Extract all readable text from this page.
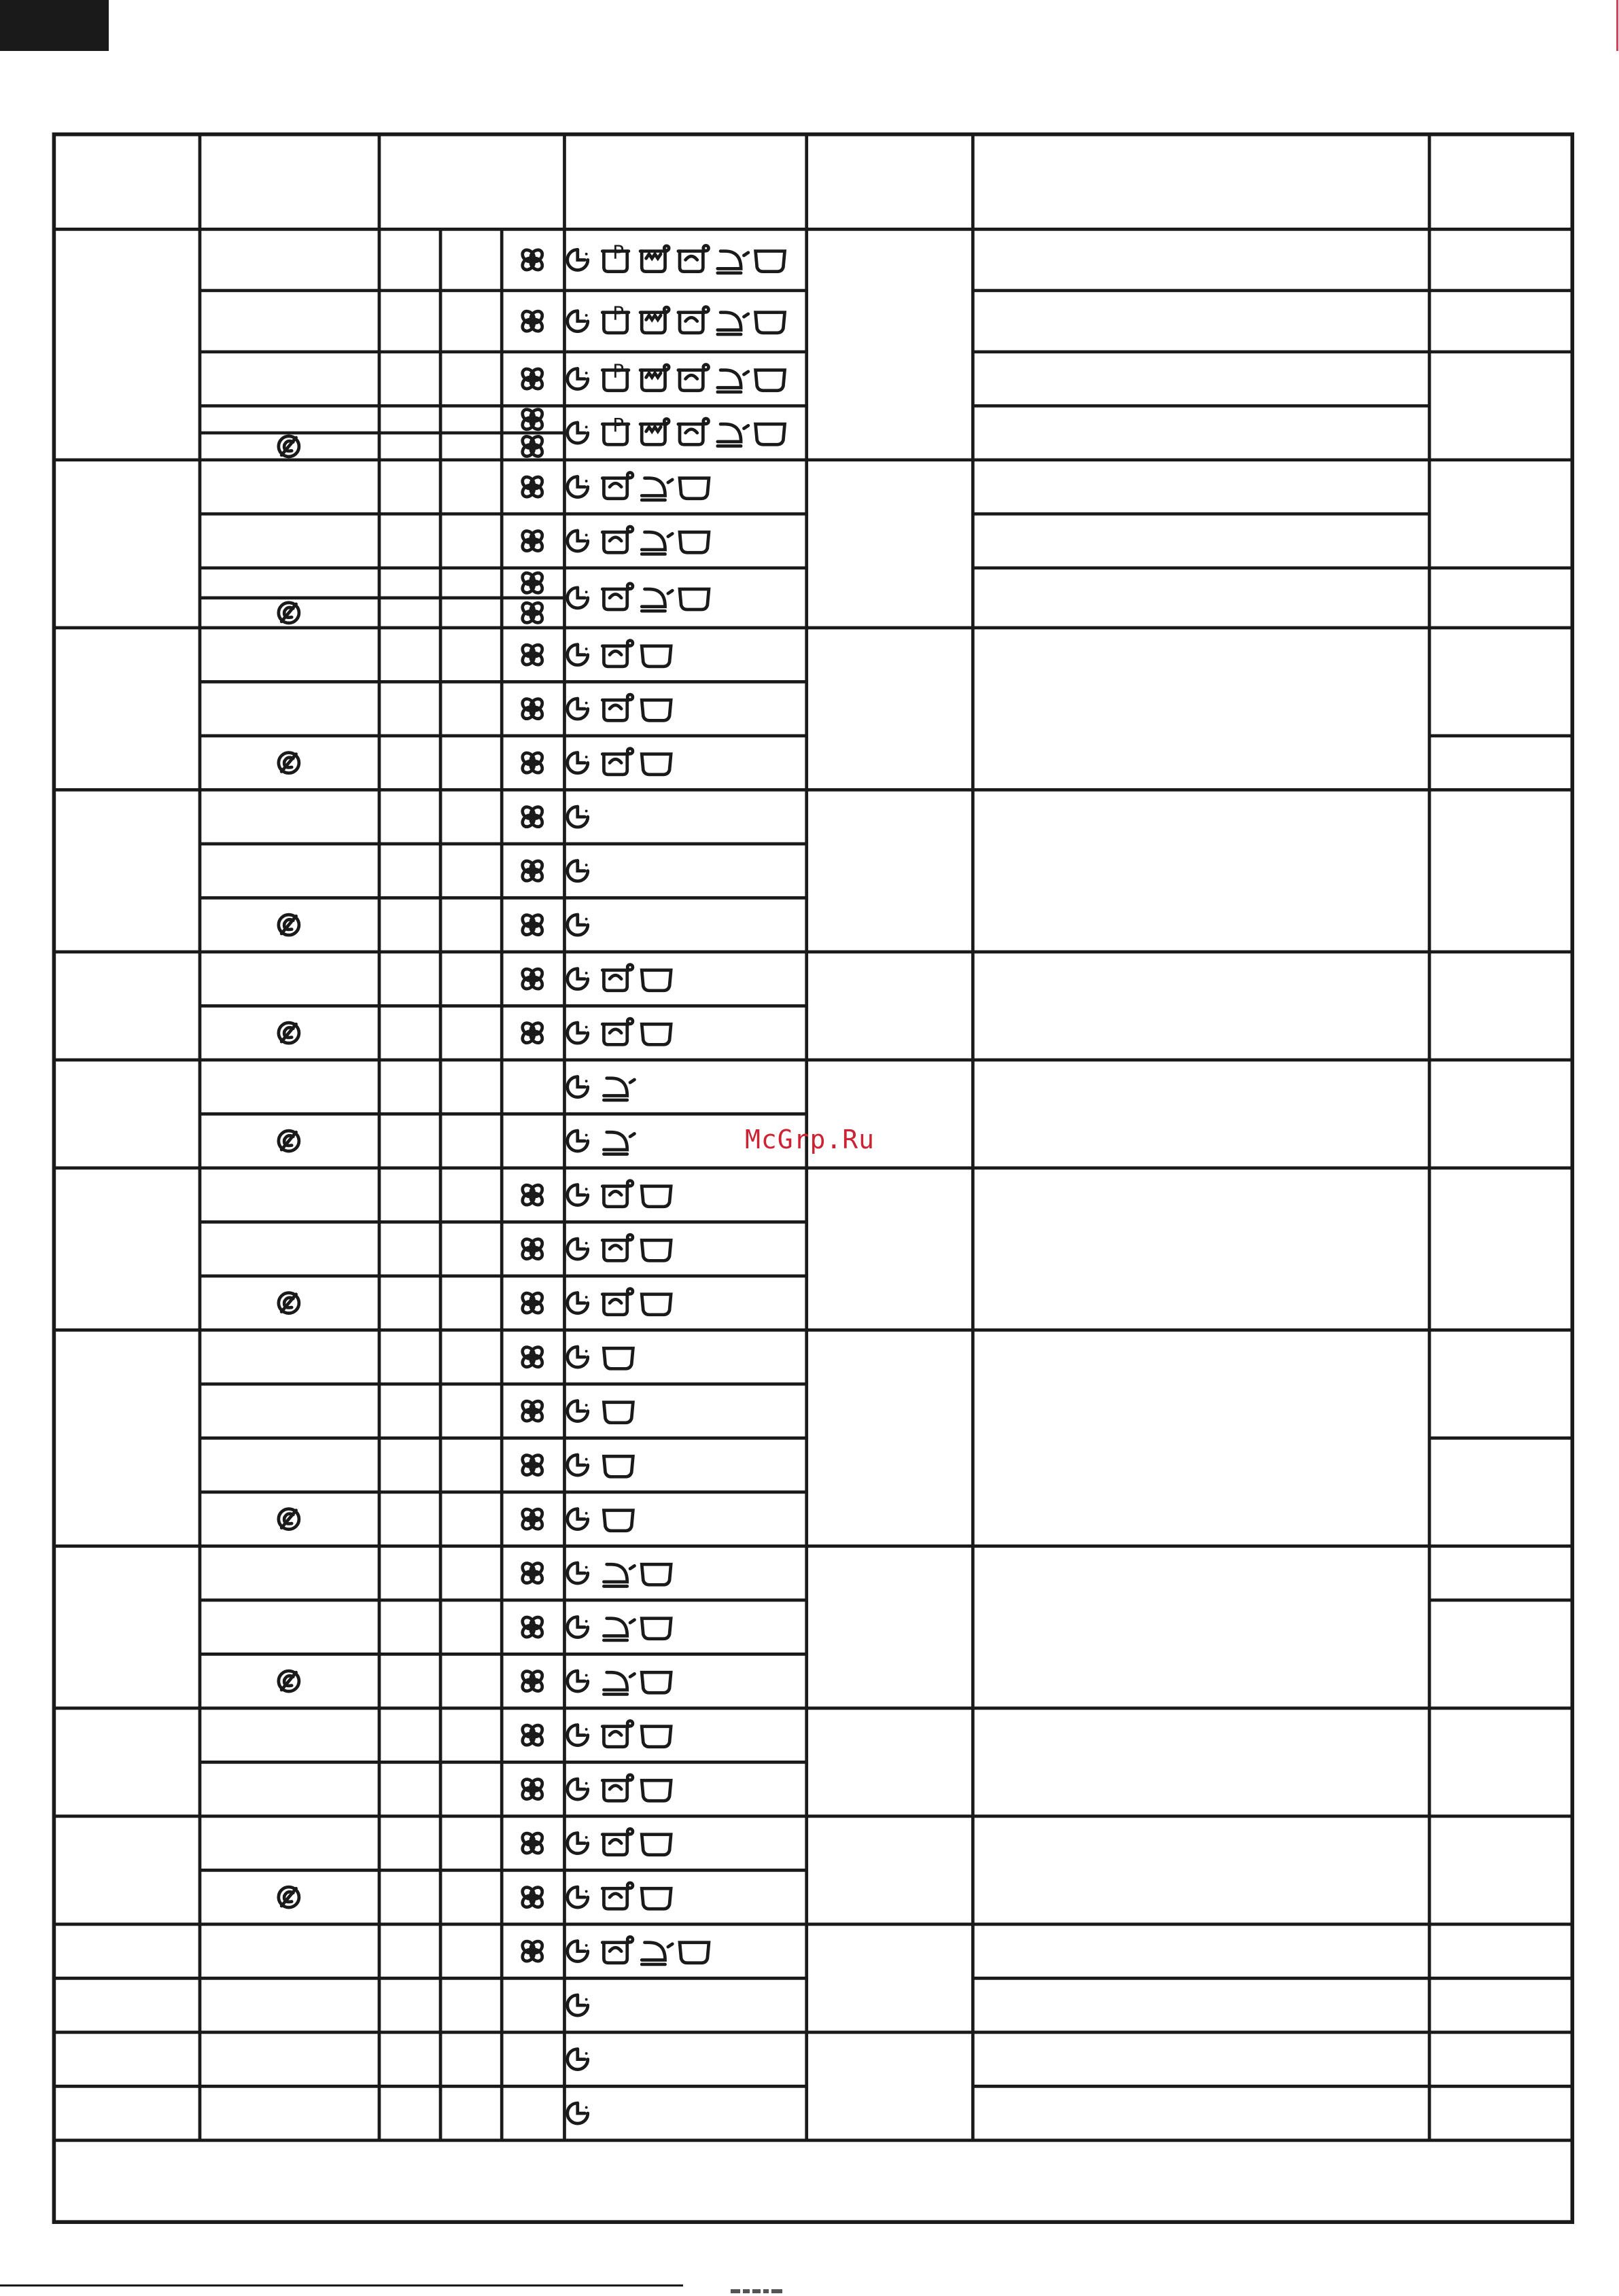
P
P
P
P
McGrp.Ru
